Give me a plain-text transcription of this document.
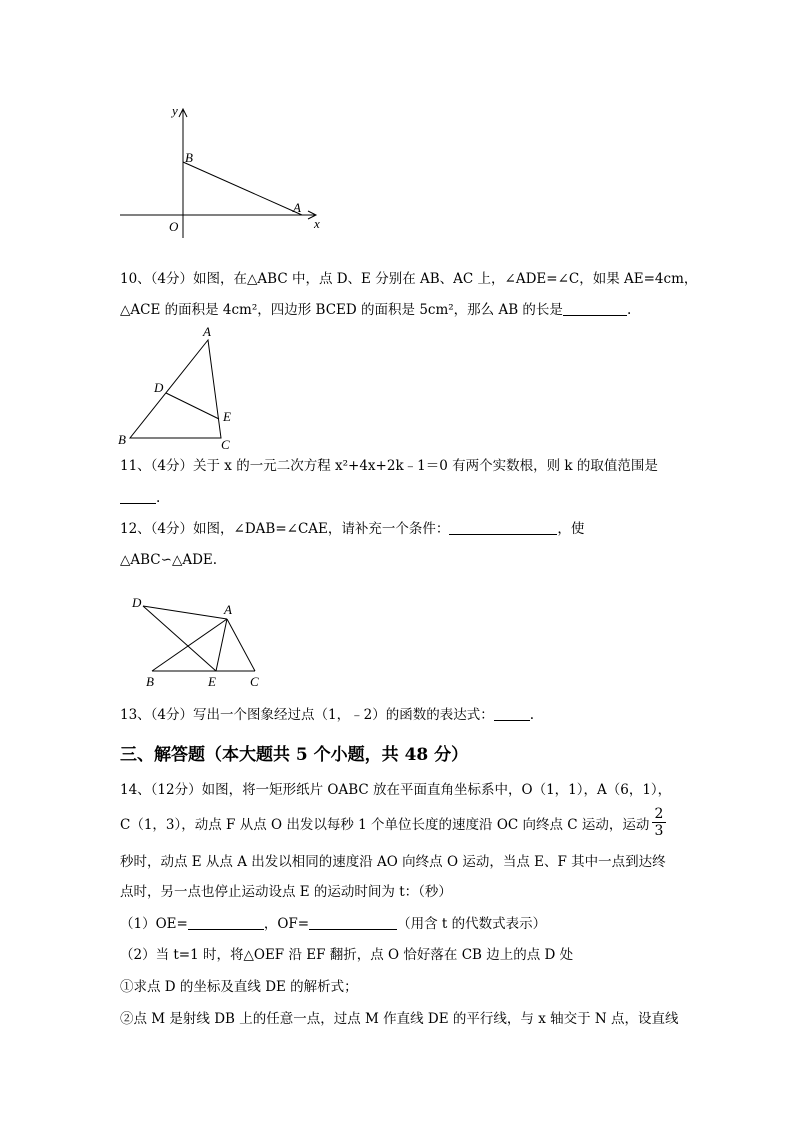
y
x
B
A
O
10、（4分）如图，在△ABC 中，点 D、E 分别在 AB、AC 上，∠ADE=∠C，如果 AE=4cm，
△ACE 的面积是 4cm²，四边形 BCED 的面积是 5cm²，那么 AB 的长是	.
A
D
E
B	C
11、（4分）关于 x 的一元二次方程 x²+4x+2k﹣1＝0 有两个实数根，则 k 的取值范围是
.
12、（4分）如图，∠DAB=∠CAE，请补充一个条件：	，使
△ABC∽△ADE.
D	A
B	E	C
13、（4分）写出一个图象经过点（1，﹣2）的函数的表达式：	.
三、解答题（本大题共 5 个小题，共 48 分）
14、（12分）如图，将一矩形纸片 OABC 放在平面直角坐标系中，O（1，1），A（6，1），
C（1，3），动点 F 从点 O 出发以每秒 1 个单位长度的速度沿 OC 向终点 C 运动，运动 $\frac{2}{3}$
秒时，动点 E 从点 A 出发以相同的速度沿 AO 向终点 O 运动，当点 E、F 其中一点到达终
点时，另一点也停止运动设点 E 的运动时间为 t：（秒）
（1）OE=	，OF=	（用含 t 的代数式表示）
（2）当 t=1 时，将△OEF 沿 EF 翻折，点 O 恰好落在 CB 边上的点 D 处
①求点 D 的坐标及直线 DE 的解析式；
②点 M 是射线 DB 上的任意一点，过点 M 作直线 DE 的平行线，与 x 轴交于 N 点，设直线
